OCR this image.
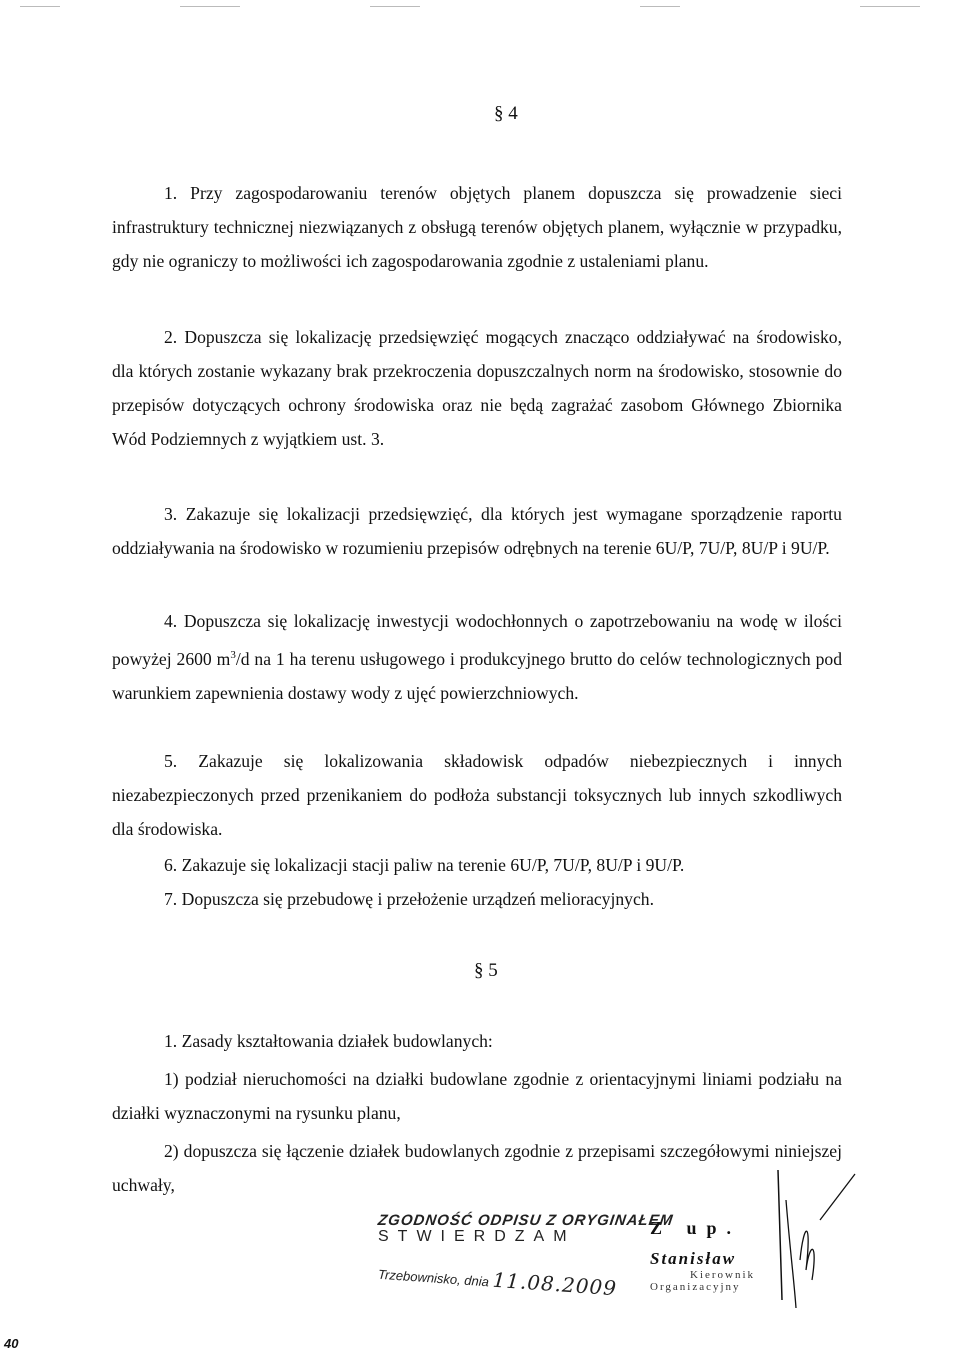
§ 4
1. Przy zagospodarowaniu terenów objętych planem dopuszcza się prowadzenie sieci infrastruktury technicznej niezwiązanych z obsługą terenów objętych planem, wyłącznie w przypadku, gdy nie ograniczy to możliwości ich zagospodarowania zgodnie z ustaleniami planu.
2. Dopuszcza się lokalizację przedsięwzięć mogących znacząco oddziaływać na środowisko, dla których zostanie wykazany brak przekroczenia dopuszczalnych norm na środowisko, stosownie do przepisów dotyczących ochrony środowiska oraz nie będą zagrażać zasobom Głównego Zbiornika Wód Podziemnych z wyjątkiem ust. 3.
3. Zakazuje się lokalizacji przedsięwzięć, dla których jest wymagane sporządzenie raportu oddziaływania na środowisko w rozumieniu przepisów odrębnych na terenie 6U/P, 7U/P, 8U/P i 9U/P.
4. Dopuszcza się lokalizację inwestycji wodochłonnych o zapotrzebowaniu na wodę w ilości powyżej 2600 $m^3/d$ na 1 ha terenu usługowego i produkcyjnego brutto do celów technologicznych pod warunkiem zapewnienia dostawy wody z ujęć powierzchniowych.
5. Zakazuje się lokalizowania składowisk odpadów niebezpiecznych i innych niezabezpieczonych przed przenikaniem do podłoża substancji toksycznych lub innych szkodliwych dla środowiska.
6. Zakazuje się lokalizacji stacji paliw na terenie 6U/P, 7U/P, 8U/P i 9U/P.
7. Dopuszcza się przebudowę i przełożenie urządzeń melioracyjnych.
§ 5
1. Zasady kształtowania działek budowlanych:
1) podział nieruchomości na działki budowlane zgodnie z orientacyjnymi liniami podziału na działki wyznaczonymi na rysunku planu,
2) dopuszcza się łączenie działek budowlanych zgodnie z przepisami szczegółowymi niniejszej uchwały,
ZGODNOŚĆ ODPISU Z ORYGINAŁEM
STWIERDZAM
Trzebownisko, dnia 11.08.2009
Z up.
Stanisław
Kierownik
Organizacyjny
40
